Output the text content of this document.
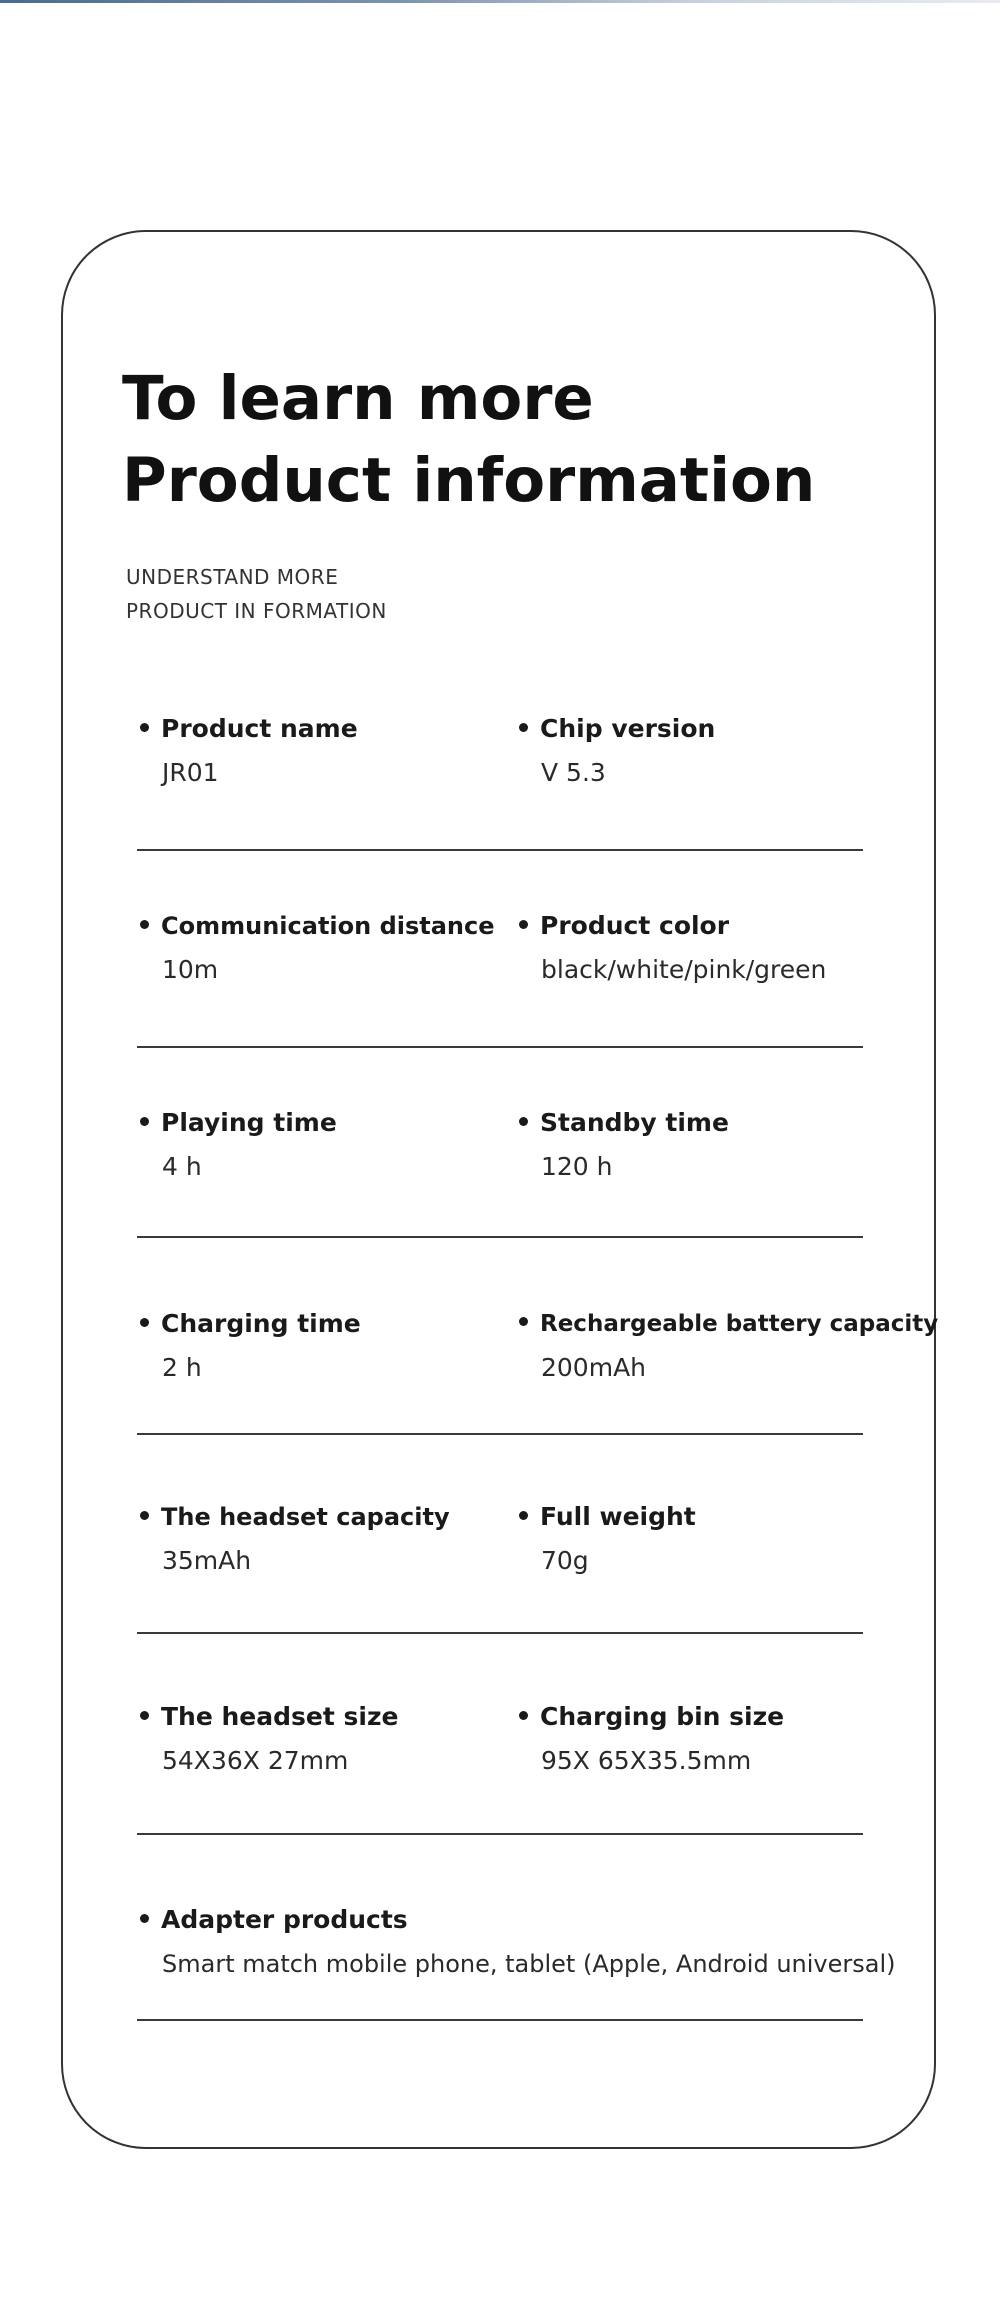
To learn more
Product information
UNDERSTAND MORE
PRODUCT IN FORMATION
Product name
JR01
Chip version
V 5.3
Communication distance
10m
Product color
black/white/pink/green
Playing time
4 h
Standby time
120 h
Charging time
2 h
Rechargeable battery capacity
200mAh
The headset capacity
35mAh
Full weight
70g
The headset size
54X36X 27mm
Charging bin size
95X 65X35.5mm
Adapter products
Smart match mobile phone, tablet (Apple, Android universal)
